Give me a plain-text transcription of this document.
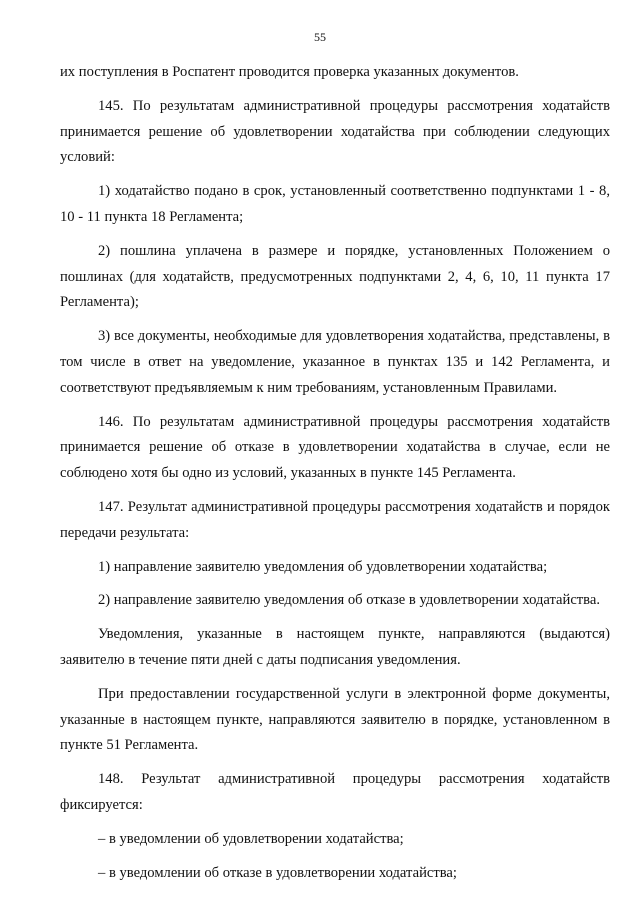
55

их поступления в Роспатент проводится проверка указанных документов.

145. По результатам административной процедуры рассмотрения ходатайств принимается решение об удовлетворении ходатайства при соблюдении следующих условий:

1) ходатайство подано в срок, установленный соответственно подпунктами 1 - 8, 10 - 11 пункта 18 Регламента;

2) пошлина уплачена в размере и порядке, установленных Положением о пошлинах (для ходатайств, предусмотренных подпунктами 2, 4, 6, 10, 11 пункта 17 Регламента);

3) все документы, необходимые для удовлетворения ходатайства, представлены, в том числе в ответ на уведомление, указанное в пунктах 135 и 142 Регламента, и соответствуют предъявляемым к ним требованиям, установленным Правилами.

146. По результатам административной процедуры рассмотрения ходатайств принимается решение об отказе в удовлетворении ходатайства в случае, если не соблюдено хотя бы одно из условий, указанных в пункте 145 Регламента.

147. Результат административной процедуры рассмотрения ходатайств и порядок передачи результата:

1) направление заявителю уведомления об удовлетворении ходатайства;

2) направление заявителю уведомления об отказе в удовлетворении ходатайства.

Уведомления, указанные в настоящем пункте, направляются (выдаются) заявителю в течение пяти дней с даты подписания уведомления.

При предоставлении государственной услуги в электронной форме документы, указанные в настоящем пункте, направляются заявителю в порядке, установленном в пункте 51 Регламента.

148. Результат административной процедуры рассмотрения ходатайств фиксируется:

– в уведомлении об удовлетворении ходатайства;

– в уведомлении об отказе в удовлетворении ходатайства;
